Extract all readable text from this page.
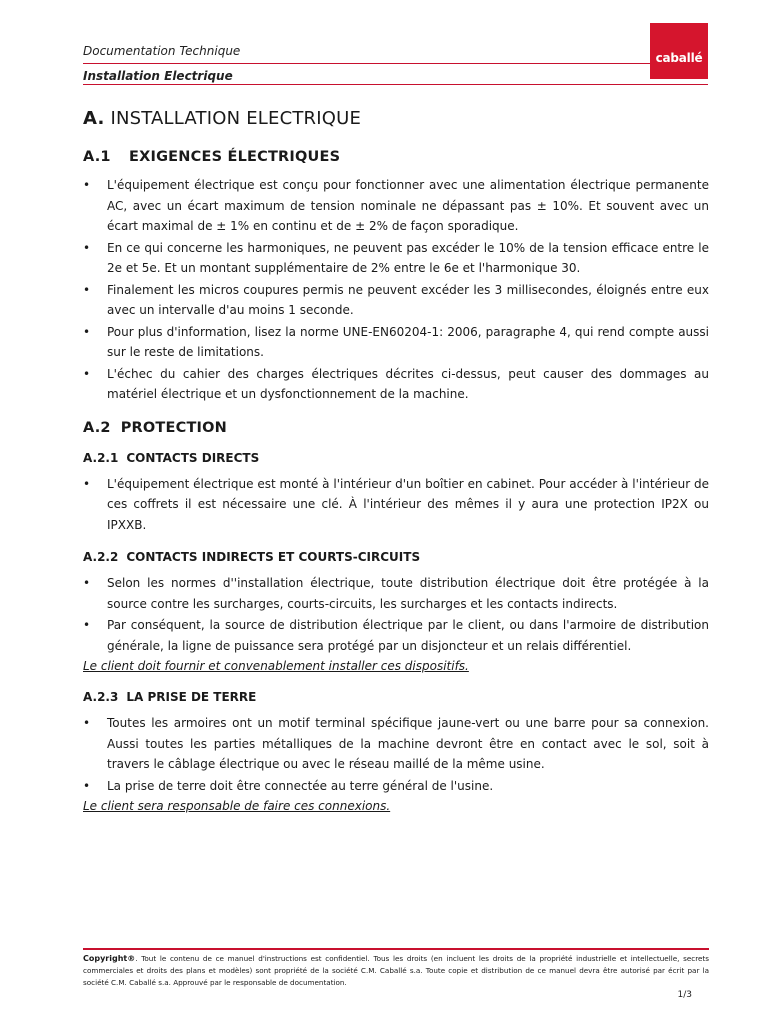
Documentation Technique
Installation Electrique
caballé
A. INSTALLATION ELECTRIQUE
A.1 EXIGENCES ÉLECTRIQUES
• L'équipement électrique est conçu pour fonctionner avec une alimentation électrique permanente AC, avec un écart maximum de tension nominale ne dépassant pas ± 10%. Et souvent avec un écart maximal de ± 1% en continu et de ± 2% de façon sporadique.
• En ce qui concerne les harmoniques, ne peuvent pas excéder le 10% de la tension efficace entre le 2e et 5e. Et un montant supplémentaire de 2% entre le 6e et l'harmonique 30.
• Finalement les micros coupures permis ne peuvent excéder les 3 millisecondes, éloignés entre eux avec un intervalle d'au moins 1 seconde.
• Pour plus d'information, lisez la norme UNE-EN60204-1: 2006, paragraphe 4, qui rend compte aussi sur le reste de limitations.
• L'échec du cahier des charges électriques décrites ci-dessus, peut causer des dommages au matériel électrique et un dysfonctionnement de la machine.
A.2 PROTECTION
A.2.1 CONTACTS DIRECTS
• L'équipement électrique est monté à l'intérieur d'un boîtier en cabinet. Pour accéder à l'intérieur de ces coffrets il est nécessaire une clé. À l'intérieur des mêmes il y aura une protection IP2X ou IPXXB.
A.2.2 CONTACTS INDIRECTS ET COURTS-CIRCUITS
• Selon les normes d''installation électrique, toute distribution électrique doit être protégée à la source contre les surcharges, courts-circuits, les surcharges et les contacts indirects.
• Par conséquent, la source de distribution électrique par le client, ou dans l'armoire de distribution générale, la ligne de puissance sera protégé par un disjoncteur et un relais différentiel.

Le client doit fournir et convenablement installer ces dispositifs.

A.2.3 LA PRISE DE TERRE
• Toutes les armoires ont un motif terminal spécifique jaune-vert ou une barre pour sa connexion. Aussi toutes les parties métalliques de la machine devront être en contact avec le sol, soit à travers le câblage électrique ou avec le réseau maillé de la même usine.
• La prise de terre doit être connectée au terre général de l'usine.

Le client sera responsable de faire ces connexions.

Copyright®. Tout le contenu de ce manuel d'instructions est confidentiel. Tous les droits (en incluent les droits de la propriété industrielle et intellectuelle, secrets commerciales et droits des plans et modèles) sont propriété de la société C.M. Caballé s.a. Toute copie et distribution de ce manuel devra être autorisé par écrit par la société C.M. Caballé s.a. Approuvé par le responsable de documentation.
1/3
